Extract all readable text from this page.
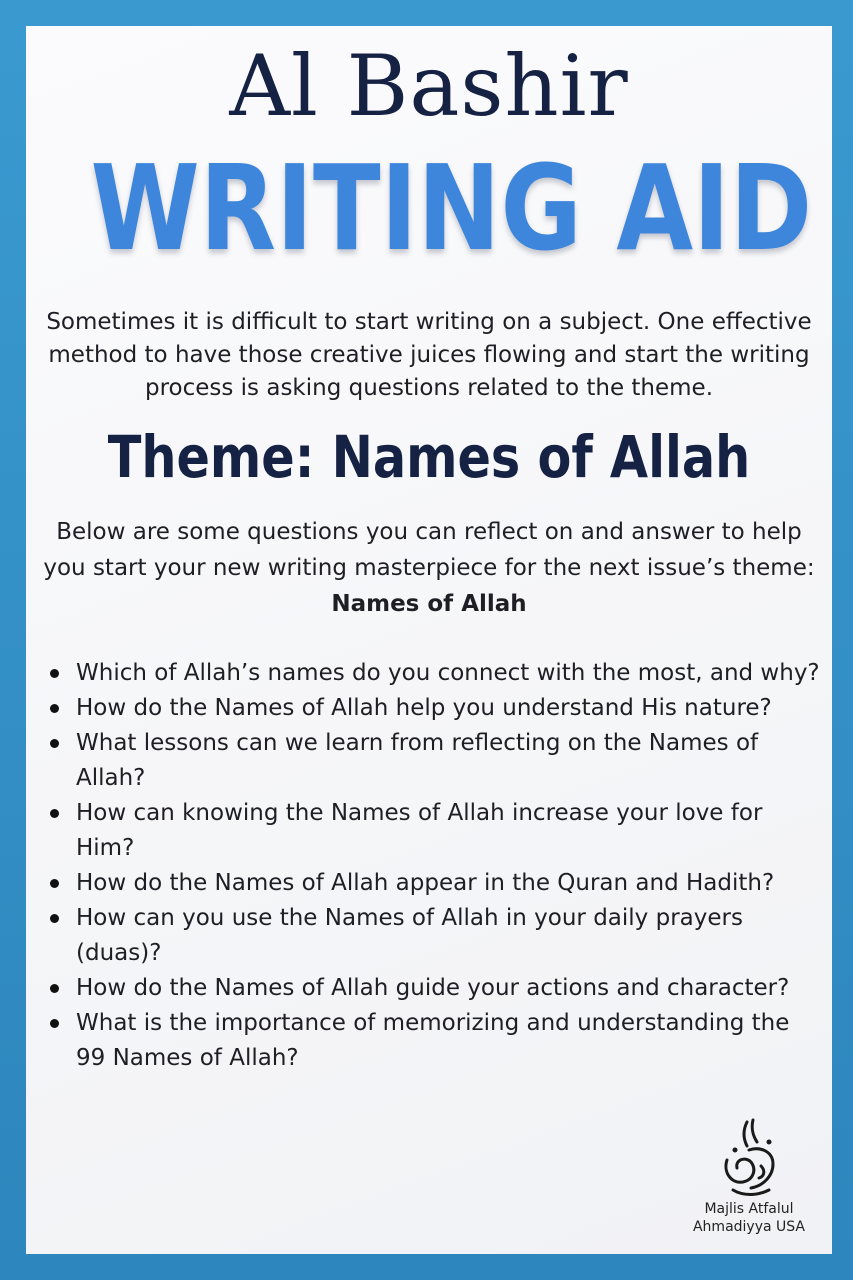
Al Bashir
WRITING AID
Sometimes it is difficult to start writing on a subject. One effective method to have those creative juices flowing and start the writing process is asking questions related to the theme.
Theme: Names of Allah
Below are some questions you can reflect on and answer to help you start your new writing masterpiece for the next issue’s theme: Names of Allah
Which of Allah’s names do you connect with the most, and why?
How do the Names of Allah help you understand His nature?
What lessons can we learn from reflecting on the Names of Allah?
How can knowing the Names of Allah increase your love for Him?
How do the Names of Allah appear in the Quran and Hadith?
How can you use the Names of Allah in your daily prayers (duas)?
How do the Names of Allah guide your actions and character?
What is the importance of memorizing and understanding the 99 Names of Allah?
Majlis Atfalul
Ahmadiyya USA
